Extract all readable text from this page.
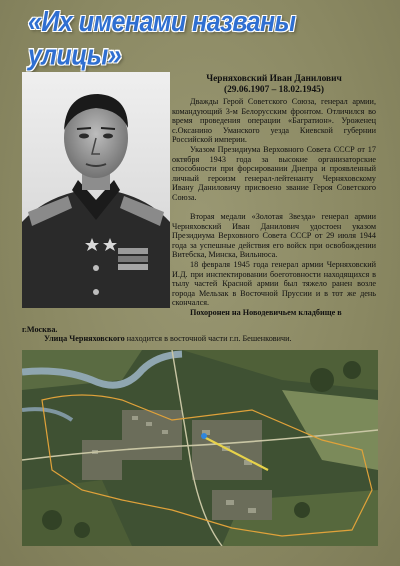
«Их именами названы улицы»
Черняховский Иван Данилович
(29.06.1907 – 18.02.1945)

Дважды Герой Советского Союза, генерал армии, командующий 3-м Белорусским фронтом. Отличился во время проведения операции «Багратион». Уроженец с.Оксанино Уманского уезда Киевской губернии Российской империи.

Указом Президиума Верховного Совета СССР от 17 октября 1943 года за высокие организаторские способности при форсировании Днепра и проявленный личный героизм генерал-лейтенанту Черняховскому Ивану Даниловичу присвоено звание Героя Советского Союза.

Вторая медали «Золотая Звезда» генерал армии Черняховский Иван Данилович удостоен указом Президиума Верховного Совета СССР от 29 июля 1944 года за успешные действия его войск при освобождении Витебска, Минска, Вильнюса.

18 февраля 1945 года генерал армии Черняховский И.Д. при инспектировании боеготовности находящихся в тылу частей Красной армии был тяжело ранен возле города Мельзак в Восточной Пруссии и в тот же день скончался.

Похоронен на Новодевичьем кладбище в

г.Москва.
Улица Черняховского находится в восточной части г.п. Бешенковичи.
